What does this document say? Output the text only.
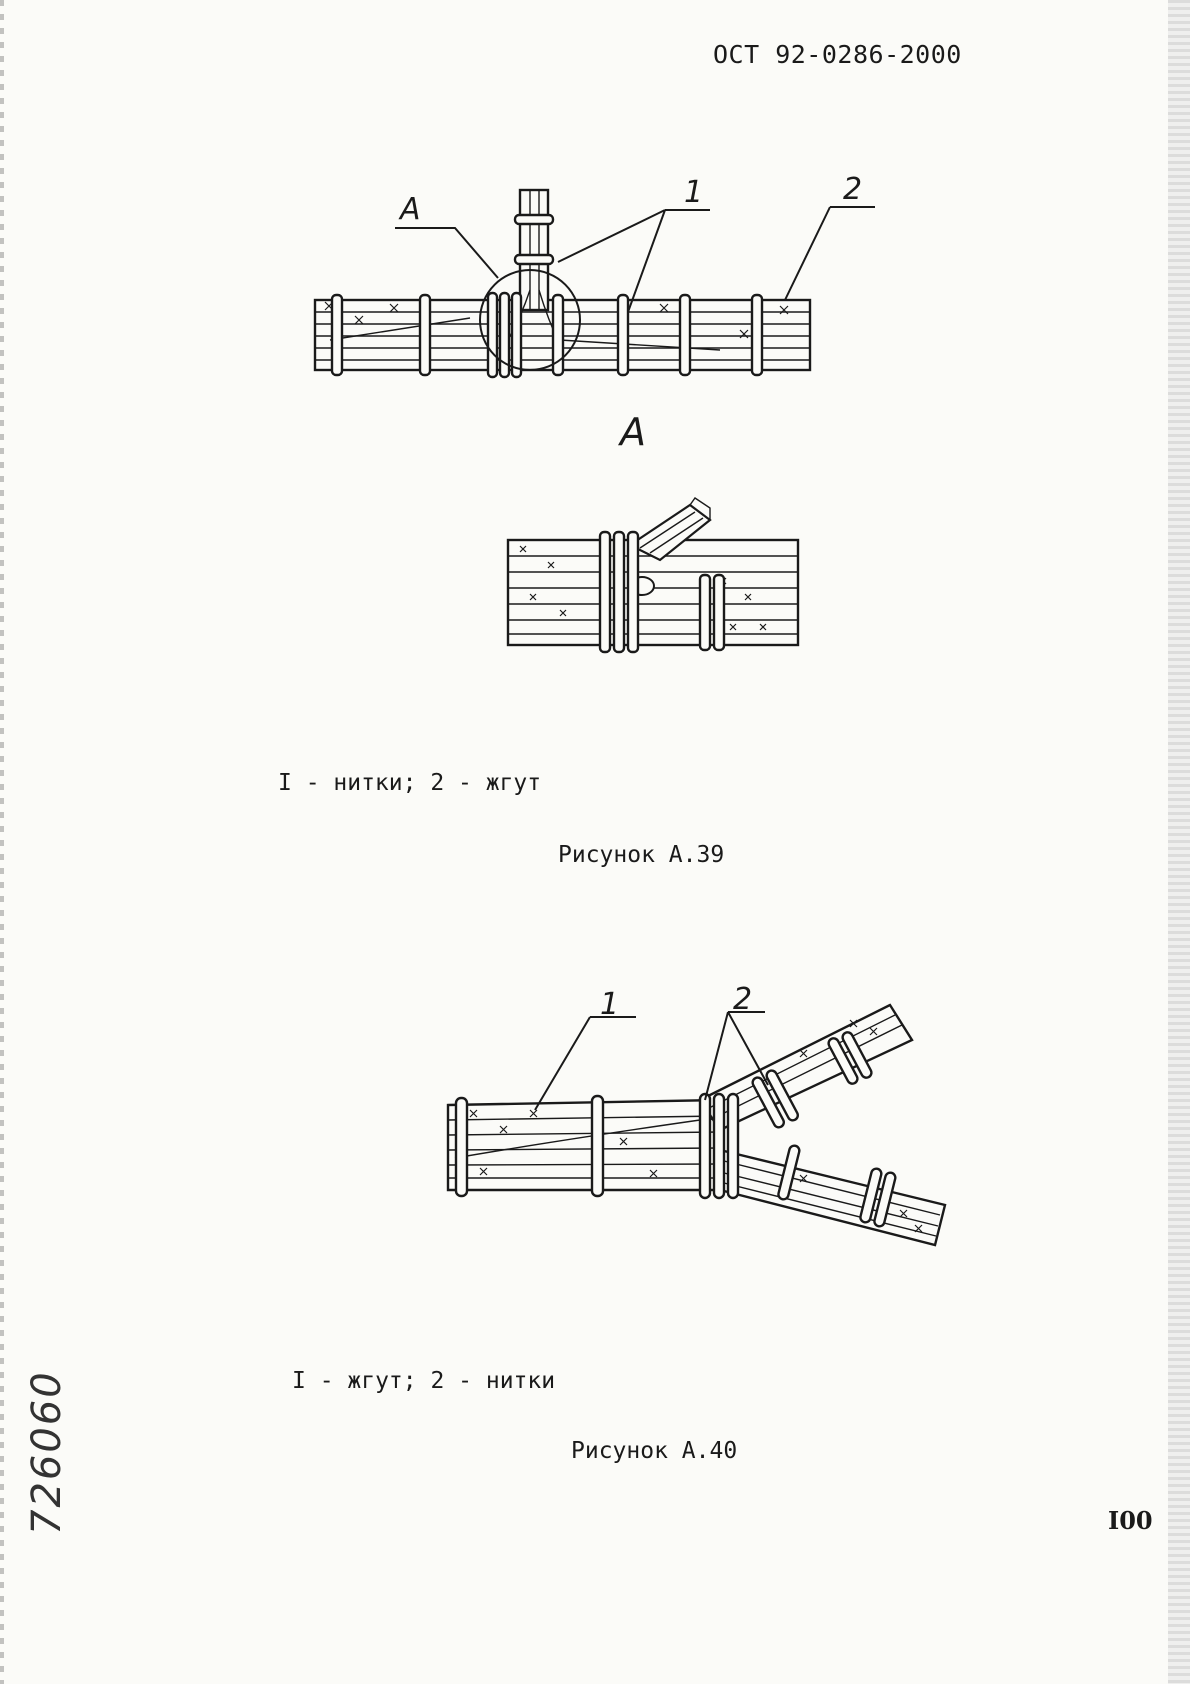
ОСТ 92-0286-2000
А	1	2
А
I - нитки; 2 - жгут
Рисунок А.39
1	2
I - жгут; 2 - нитки
Рисунок А.40
I00
726060
